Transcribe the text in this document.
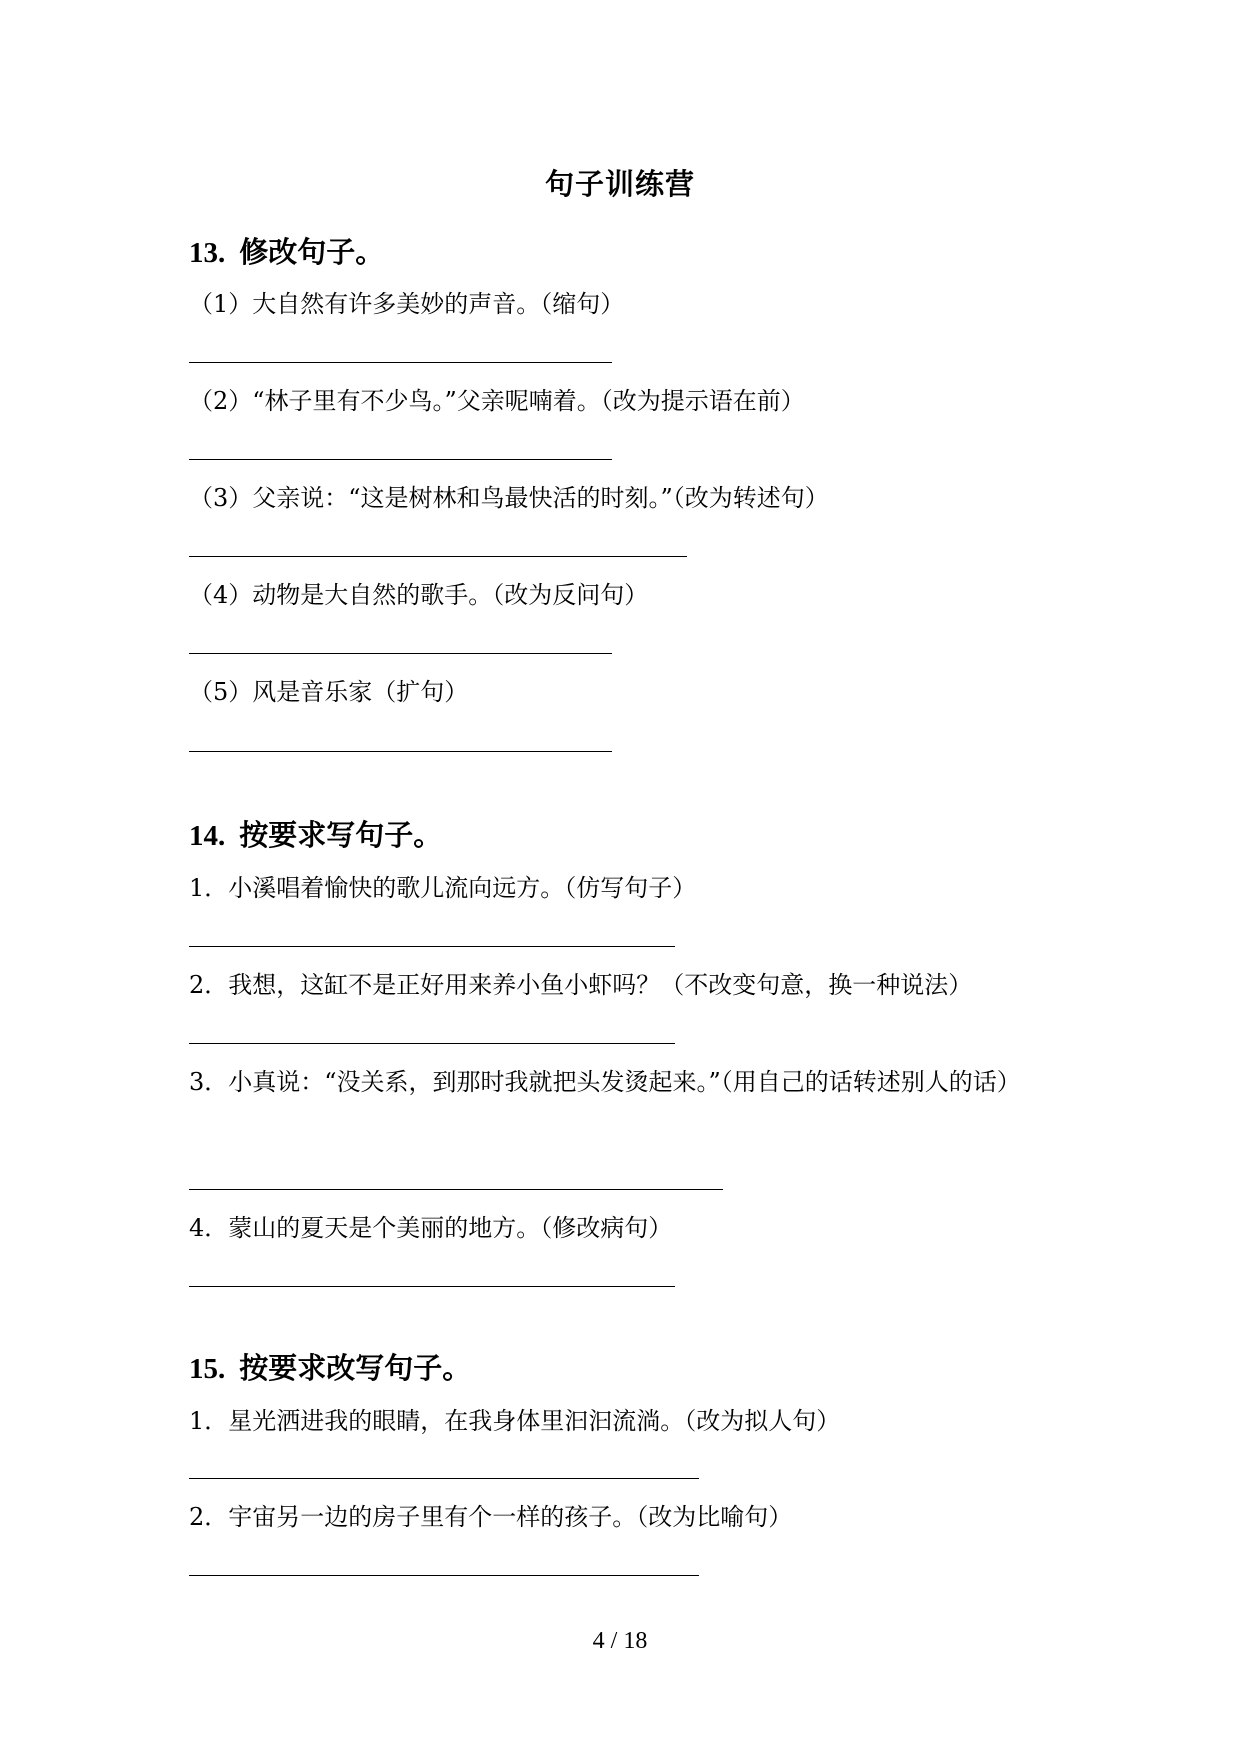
句子训练营
13. 修改句子。
（1）大自然有许多美妙的声音。（缩句）
（2）“林子里有不少鸟。”父亲呢喃着。（改为提示语在前）
（3）父亲说：“这是树林和鸟最快活的时刻。”（改为转述句）
（4）动物是大自然的歌手。（改为反问句）
（5）风是音乐家（扩句）
14. 按要求写句子。
1．小溪唱着愉快的歌儿流向远方。（仿写句子）
2．我想，这缸不是正好用来养小鱼小虾吗？（不改变句意，换一种说法）
3．小真说：“没关系，到那时我就把头发烫起来。”（用自己的话转述别人的话）
4．蒙山的夏天是个美丽的地方。（修改病句）
15. 按要求改写句子。
1．星光洒进我的眼睛，在我身体里汩汩流淌。（改为拟人句）
2．宇宙另一边的房子里有个一样的孩子。（改为比喻句）
4 / 18
